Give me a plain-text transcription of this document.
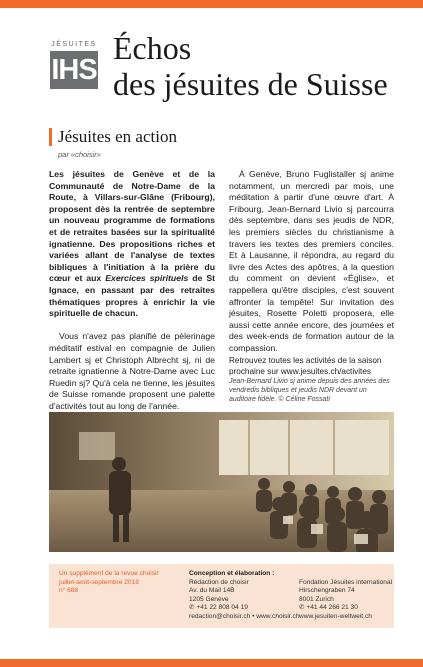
JÉSUITES
IHS
Échos
des jésuites de Suisse
Jésuites en action
par «choisir»

Les jésuites de Genève et de la Communauté de Notre-Dame de la Route, à Villars-sur-Glâne (Fribourg), proposent dès la rentrée de septembre un nouveau programme de formations et de retraites basées sur la spiritualité ignatienne. Des propositions riches et variées allant de l'analyse de textes bibliques à l'initiation à la prière du cœur et aux Exercices spirituels de St Ignace, en passant par des retraites thématiques propres à enrichir la vie spirituelle de chacun.

Vous n'avez pas planifié de pèlerinage méditatif estival en compagnie de Julien Lambert sj et Christoph Albrecht sj, ni de retraite ignatienne à Notre-Dame avec Luc Ruedin sj? Qu'à cela ne tienne, les jésuites de Suisse romande proposent une palette d'activités tout au long de l'année.

À Genève, Bruno Fuglistaller sj anime notamment, un mercredi par mois, une méditation à partir d'une œuvre d'art. À Fribourg, Jean-Bernard Livio sj parcourra dès septembre, dans ses jeudis de NDR, les premiers siècles du christianisme à travers les textes des premiers conciles. Et à Lausanne, il répondra, au regard du livre des Actes des apôtres, à la question du comment on devient «Église», et rappellera qu'être disciples, c'est souvent affronter la tempête! Sur invitation des jésuites, Rosette Poletti proposera, elle aussi cette année encore, des journées et des week-ends de formation autour de la compassion.

Retrouvez toutes les activités de la saison prochaine sur www.jesuites.ch/activites

Jean-Bernard Livio sj anime depuis des années des vendredis bibliques et jeudis NDR devant un auditoire fidèle. © Céline Fossati

Un supplément de la revue choisir
juillet-août-septembre 2018
n° 688
Conception et élaboration :
Rédaction de choisir
Av. du Mail 14B
1205 Genève
✆ +41 22 808 04 19
redaction@choisir.ch • www.choisir.ch
Fondation Jésuites international
Hirschengraben 74
8001 Zurich
✆ +41 44 266 21 30
www.jesuiten-weltweit.ch
